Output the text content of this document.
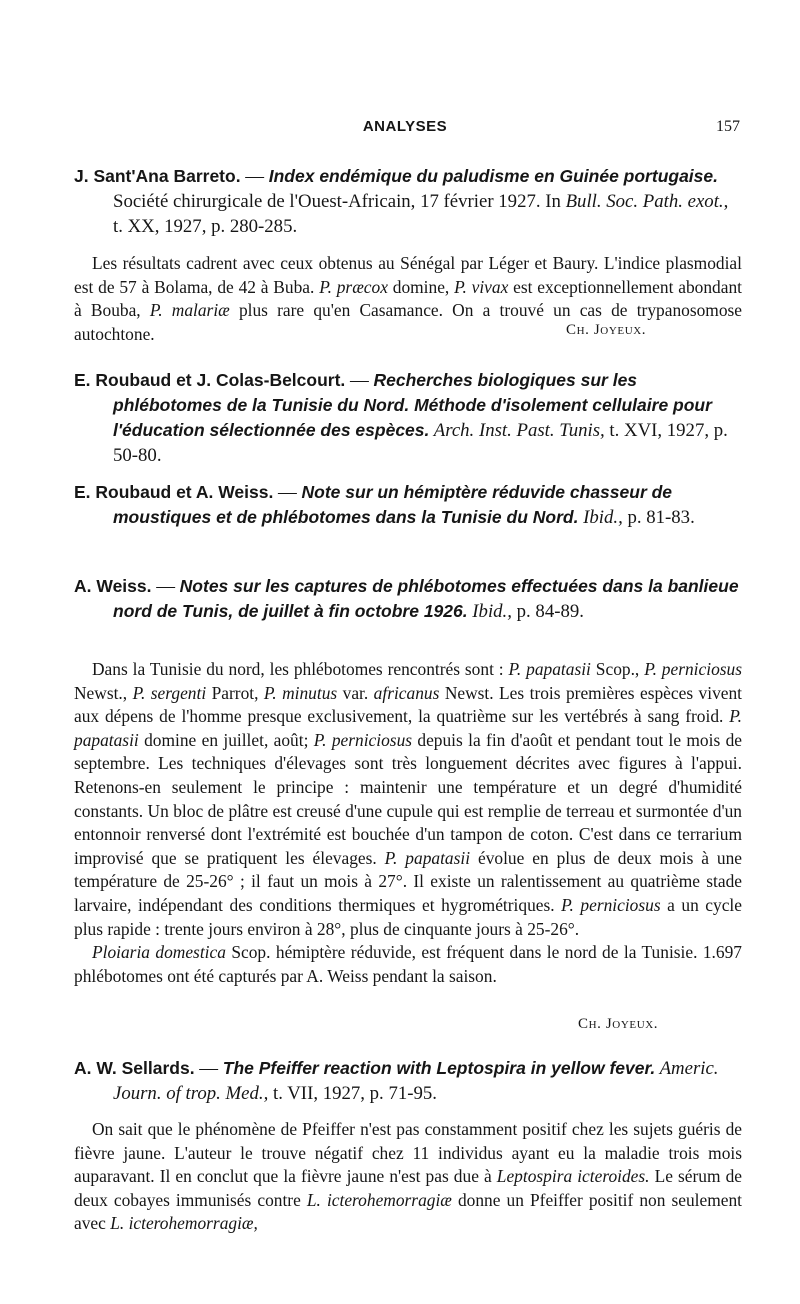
ANALYSES	157

J. Sant'Ana Barreto. — Index endémique du paludisme en Guinée portugaise. Société chirurgicale de l'Ouest-Africain, 17 février 1927. In Bull. Soc. Path. exot., t. XX, 1927, p. 280-285.

Les résultats cadrent avec ceux obtenus au Sénégal par Léger et Baury. L'indice plasmodial est de 57 à Bolama, de 42 à Buba. P. præcox domine, P. vivax est exceptionnellement abondant à Bouba, P. malariæ plus rare qu'en Casamance. On a trouvé un cas de trypanosomose autochtone.	Ch. Joyeux.

E. Roubaud et J. Colas-Belcourt. — Recherches biologiques sur les phlébotomes de la Tunisie du Nord. Méthode d'isolement cellulaire pour l'éducation sélectionnée des espèces. Arch. Inst. Past. Tunis, t. XVI, 1927, p. 50-80.

E. Roubaud et A. Weiss. — Note sur un hémiptère réduvide chasseur de moustiques et de phlébotomes dans la Tunisie du Nord. Ibid., p. 81-83.

A. Weiss. — Notes sur les captures de phlébotomes effectuées dans la banlieue nord de Tunis, de juillet à fin octobre 1926. Ibid., p. 84-89.

Dans la Tunisie du nord, les phlébotomes rencontrés sont : P. papatasii Scop., P. perniciosus Newst., P. sergenti Parrot, P. minutus var. africanus Newst. Les trois premières espèces vivent aux dépens de l'homme presque exclusivement, la quatrième sur les vertébrés à sang froid. P. papatasii domine en juillet, août; P. perniciosus depuis la fin d'août et pendant tout le mois de septembre. Les techniques d'élevages sont très longuement décrites avec figures à l'appui. Retenons-en seulement le principe : maintenir une température et un degré d'humidité constants. Un bloc de plâtre est creusé d'une cupule qui est remplie de terreau et surmontée d'un entonnoir renversé dont l'extrémité est bouchée d'un tampon de coton. C'est dans ce terrarium improvisé que se pratiquent les élevages. P. papatasii évolue en plus de deux mois à une température de 25-26° ; il faut un mois à 27°. Il existe un ralentissement au quatrième stade larvaire, indépendant des conditions thermiques et hygrométriques. P. perniciosus a un cycle plus rapide : trente jours environ à 28°, plus de cinquante jours à 25-26°.

Ploiaria domestica Scop. hémiptère réduvide, est fréquent dans le nord de la Tunisie. 1.697 phlébotomes ont été capturés par A. Weiss pendant la saison.

Ch. Joyeux.

A. W. Sellards. — The Pfeiffer reaction with Leptospira in yellow fever. Americ. Journ. of trop. Med., t. VII, 1927, p. 71-95.

On sait que le phénomène de Pfeiffer n'est pas constamment positif chez les sujets guéris de fièvre jaune. L'auteur le trouve négatif chez 11 individus ayant eu la maladie trois mois auparavant. Il en conclut que la fièvre jaune n'est pas due à Leptospira icteroides. Le sérum de deux cobayes immunisés contre L. icterohemorragiæ donne un Pfeiffer positif non seulement avec L. icterohemorragiæ,
